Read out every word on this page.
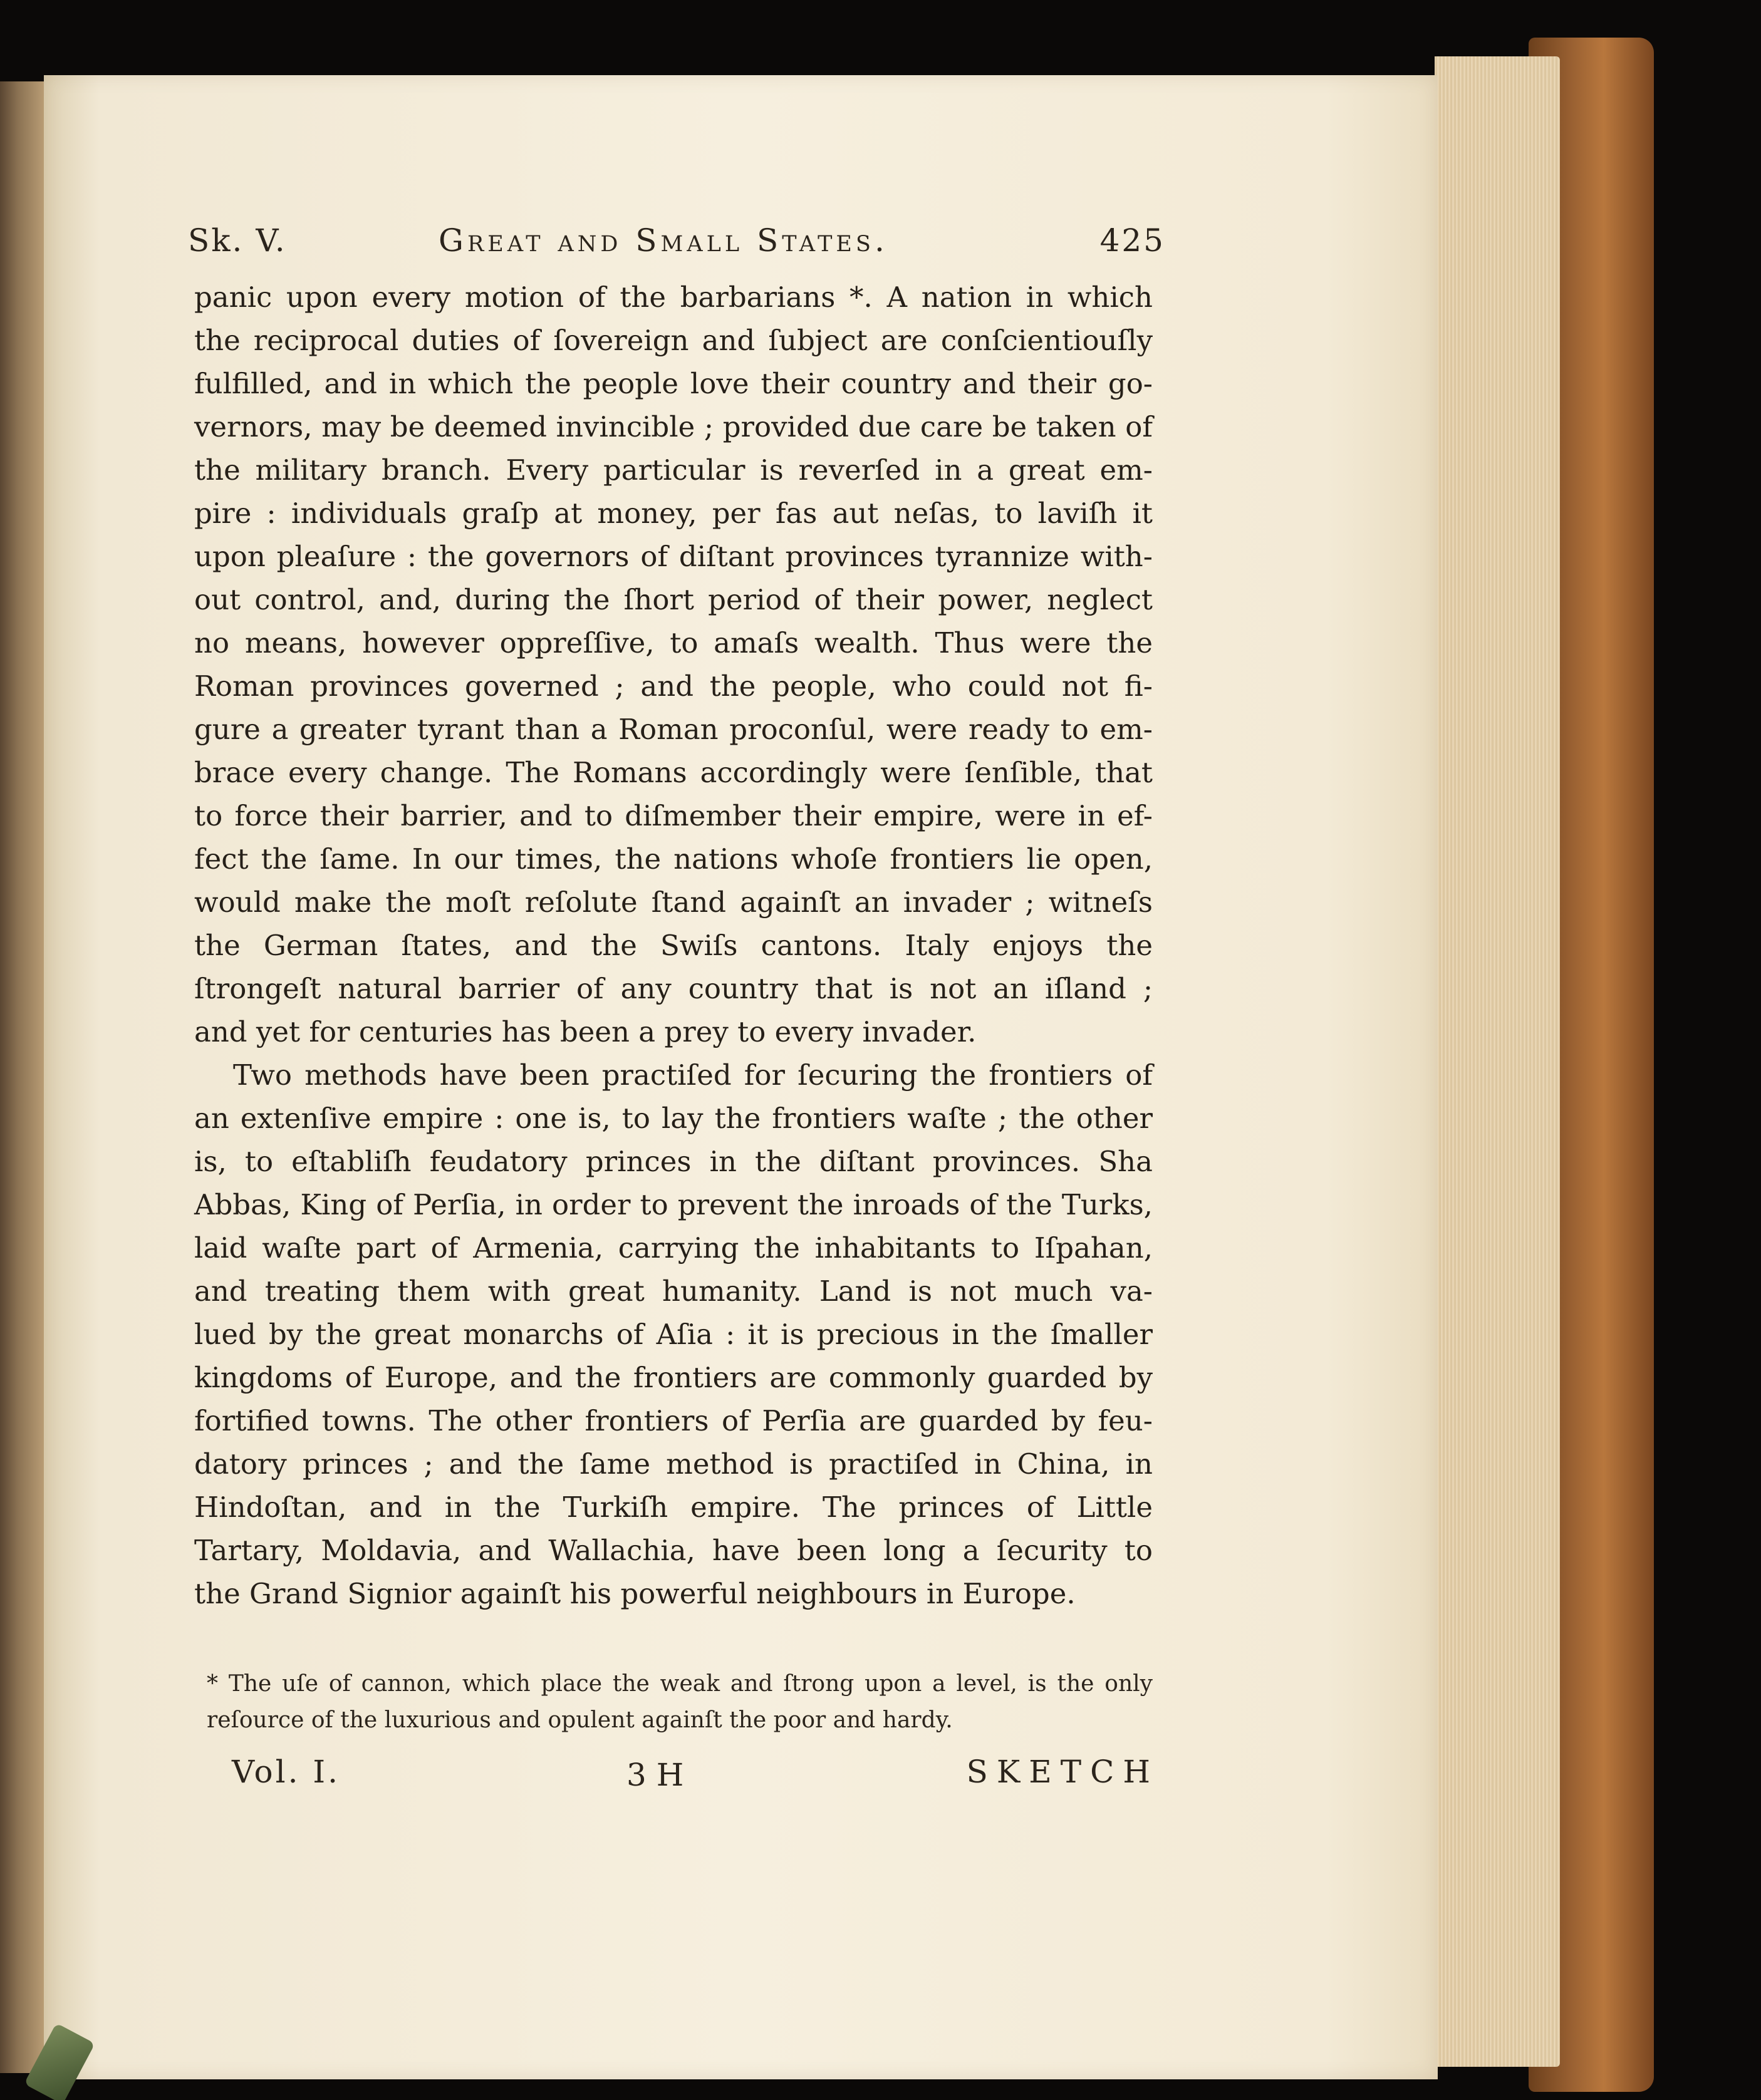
Sk. V.	Great and Small States.	425
panic upon every motion of the barbarians *. A nation in which
the reciprocal duties of ſovereign and ſubject are conſcientiouſly
fulfilled, and in which the people love their country and their go-
vernors, may be deemed invincible ; provided due care be taken of
the military branch. Every particular is reverſed in a great em-
pire : individuals graſp at money, per fas aut neſas, to laviſh it
upon pleaſure : the governors of diſtant provinces tyrannize with-
out control, and, during the ſhort period of their power, neglect
no means, however oppreſſive, to amaſs wealth. Thus were the
Roman provinces governed ; and the people, who could not fi-
gure a greater tyrant than a Roman proconſul, were ready to em-
brace every change. The Romans accordingly were ſenſible, that
to force their barrier, and to diſmember their empire, were in ef-
fect the ſame. In our times, the nations whoſe frontiers lie open,
would make the moſt reſolute ſtand againſt an invader ; witneſs
the German ſtates, and the Swiſs cantons. Italy enjoys the
ſtrongeſt natural barrier of any country that is not an iſland ;
and yet for centuries has been a prey to every invader.
Two methods have been practiſed for ſecuring the frontiers of
an extenſive empire : one is, to lay the frontiers waſte ; the other
is, to eſtabliſh feudatory princes in the diſtant provinces. Sha
Abbas, King of Perſia, in order to prevent the inroads of the Turks,
laid waſte part of Armenia, carrying the inhabitants to Iſpahan,
and treating them with great humanity. Land is not much va-
lued by the great monarchs of Aſia : it is precious in the ſmaller
kingdoms of Europe, and the frontiers are commonly guarded by
fortified towns. The other frontiers of Perſia are guarded by feu-
datory princes ; and the ſame method is practiſed in China, in
Hindoſtan, and in the Turkiſh empire. The princes of Little
Tartary, Moldavia, and Wallachia, have been long a ſecurity to
the Grand Signior againſt his powerful neighbours in Europe.
* The uſe of cannon, which place the weak and ſtrong upon a level, is the only
reſource of the luxurious and opulent againſt the poor and hardy.
Vol. I.	3 H	SKETCH
